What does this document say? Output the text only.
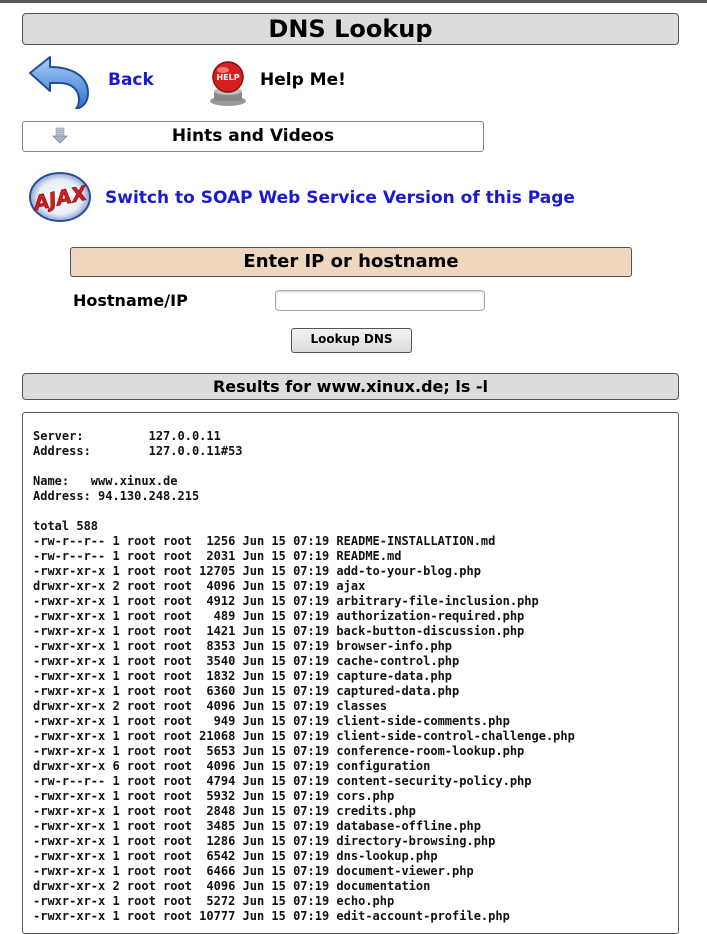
DNS Lookup
Back	HELP Help Me!
Hints and Videos
AJAX Switch to SOAP Web Service Version of this Page
Enter IP or hostname
Hostname/IP
Lookup DNS
Results for www.xinux.de; ls -l
Server:		127.0.0.11
Address:	127.0.0.11#53

Name:	www.xinux.de
Address: 94.130.248.215

total 588
-rw-r--r-- 1 root root  1256 Jun 15 07:19 README-INSTALLATION.md
-rw-r--r-- 1 root root  2031 Jun 15 07:19 README.md
-rwxr-xr-x 1 root root 12705 Jun 15 07:19 add-to-your-blog.php
drwxr-xr-x 2 root root  4096 Jun 15 07:19 ajax
-rwxr-xr-x 1 root root  4912 Jun 15 07:19 arbitrary-file-inclusion.php
-rwxr-xr-x 1 root root   489 Jun 15 07:19 authorization-required.php
-rwxr-xr-x 1 root root  1421 Jun 15 07:19 back-button-discussion.php
-rwxr-xr-x 1 root root  8353 Jun 15 07:19 browser-info.php
-rwxr-xr-x 1 root root  3540 Jun 15 07:19 cache-control.php
-rwxr-xr-x 1 root root  1832 Jun 15 07:19 capture-data.php
-rwxr-xr-x 1 root root  6360 Jun 15 07:19 captured-data.php
drwxr-xr-x 2 root root  4096 Jun 15 07:19 classes
-rwxr-xr-x 1 root root   949 Jun 15 07:19 client-side-comments.php
-rwxr-xr-x 1 root root 21068 Jun 15 07:19 client-side-control-challenge.php
-rwxr-xr-x 1 root root  5653 Jun 15 07:19 conference-room-lookup.php
drwxr-xr-x 6 root root  4096 Jun 15 07:19 configuration
-rw-r--r-- 1 root root  4794 Jun 15 07:19 content-security-policy.php
-rwxr-xr-x 1 root root  5932 Jun 15 07:19 cors.php
-rwxr-xr-x 1 root root  2848 Jun 15 07:19 credits.php
-rwxr-xr-x 1 root root  3485 Jun 15 07:19 database-offline.php
-rwxr-xr-x 1 root root  1286 Jun 15 07:19 directory-browsing.php
-rwxr-xr-x 1 root root  6542 Jun 15 07:19 dns-lookup.php
-rwxr-xr-x 1 root root  6466 Jun 15 07:19 document-viewer.php
drwxr-xr-x 2 root root  4096 Jun 15 07:19 documentation
-rwxr-xr-x 1 root root  5272 Jun 15 07:19 echo.php
-rwxr-xr-x 1 root root 10777 Jun 15 07:19 edit-account-profile.php
